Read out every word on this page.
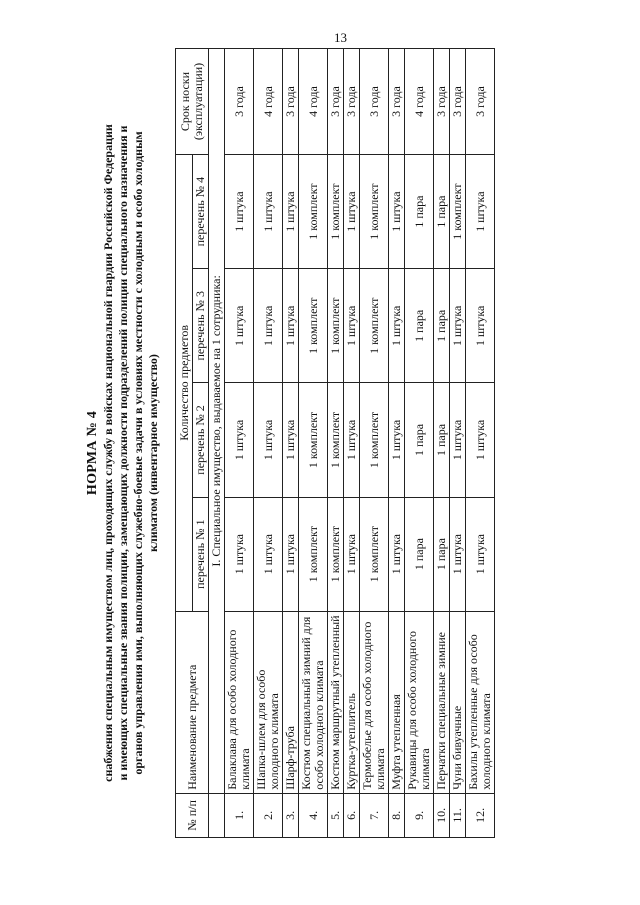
13
НОРМА № 4 снабжения специальным имуществом лиц, проходящих службу в войсках национальной гвардии Российской Федерации и имеющих специальные звания полиции, замещающих должности подразделений полиции специального назначения и органов управления ими, выполняющих служебно-боевые задачи в условиях местности с холодным и особо холодным климатом (инвентарное имущество)
№ п/п	Наименование предмета	Количество предметов				Срок носки (эксплуатации)
		перечень № 1	перечень № 2	перечень № 3	перечень № 4	
	I. Специальное имущество, выдаваемое на 1 сотрудника:					
1.	Балаклава для особо холодного климата	1 штука	1 штука	1 штука	1 штука	3 года
2.	Шапка-шлем для особо холодного климата	1 штука	1 штука	1 штука	1 штука	4 года
3.	Шарф-труба	1 штука	1 штука	1 штука	1 штука	3 года
4.	Костюм специальный зимний для особо холодного климата	1 комплект	1 комплект	1 комплект	1 комплект	4 года
5.	Костюм маршрутный утепленный	1 комплект	1 комплект	1 комплект	1 комплект	3 года
6.	Куртка-утеплитель	1 штука	1 штука	1 штука	1 штука	3 года
7.	Термобелье для особо холодного климата	1 комплект	1 комплект	1 комплект	1 комплект	3 года
8.	Муфта утепленная	1 штука	1 штука	1 штука	1 штука	3 года
9.	Рукавицы для особо холодного климата	1 пара	1 пара	1 пара	1 пара	4 года
10.	Перчатки специальные зимние	1 пара	1 пара	1 пара	1 пара	3 года
11.	Чуни бивуачные	1 штука	1 штука	1 штука	1 комплект	3 года
12.	Бахилы утепленные для особо холодного климата	1 штука	1 штука	1 штука	1 штука	3 года
